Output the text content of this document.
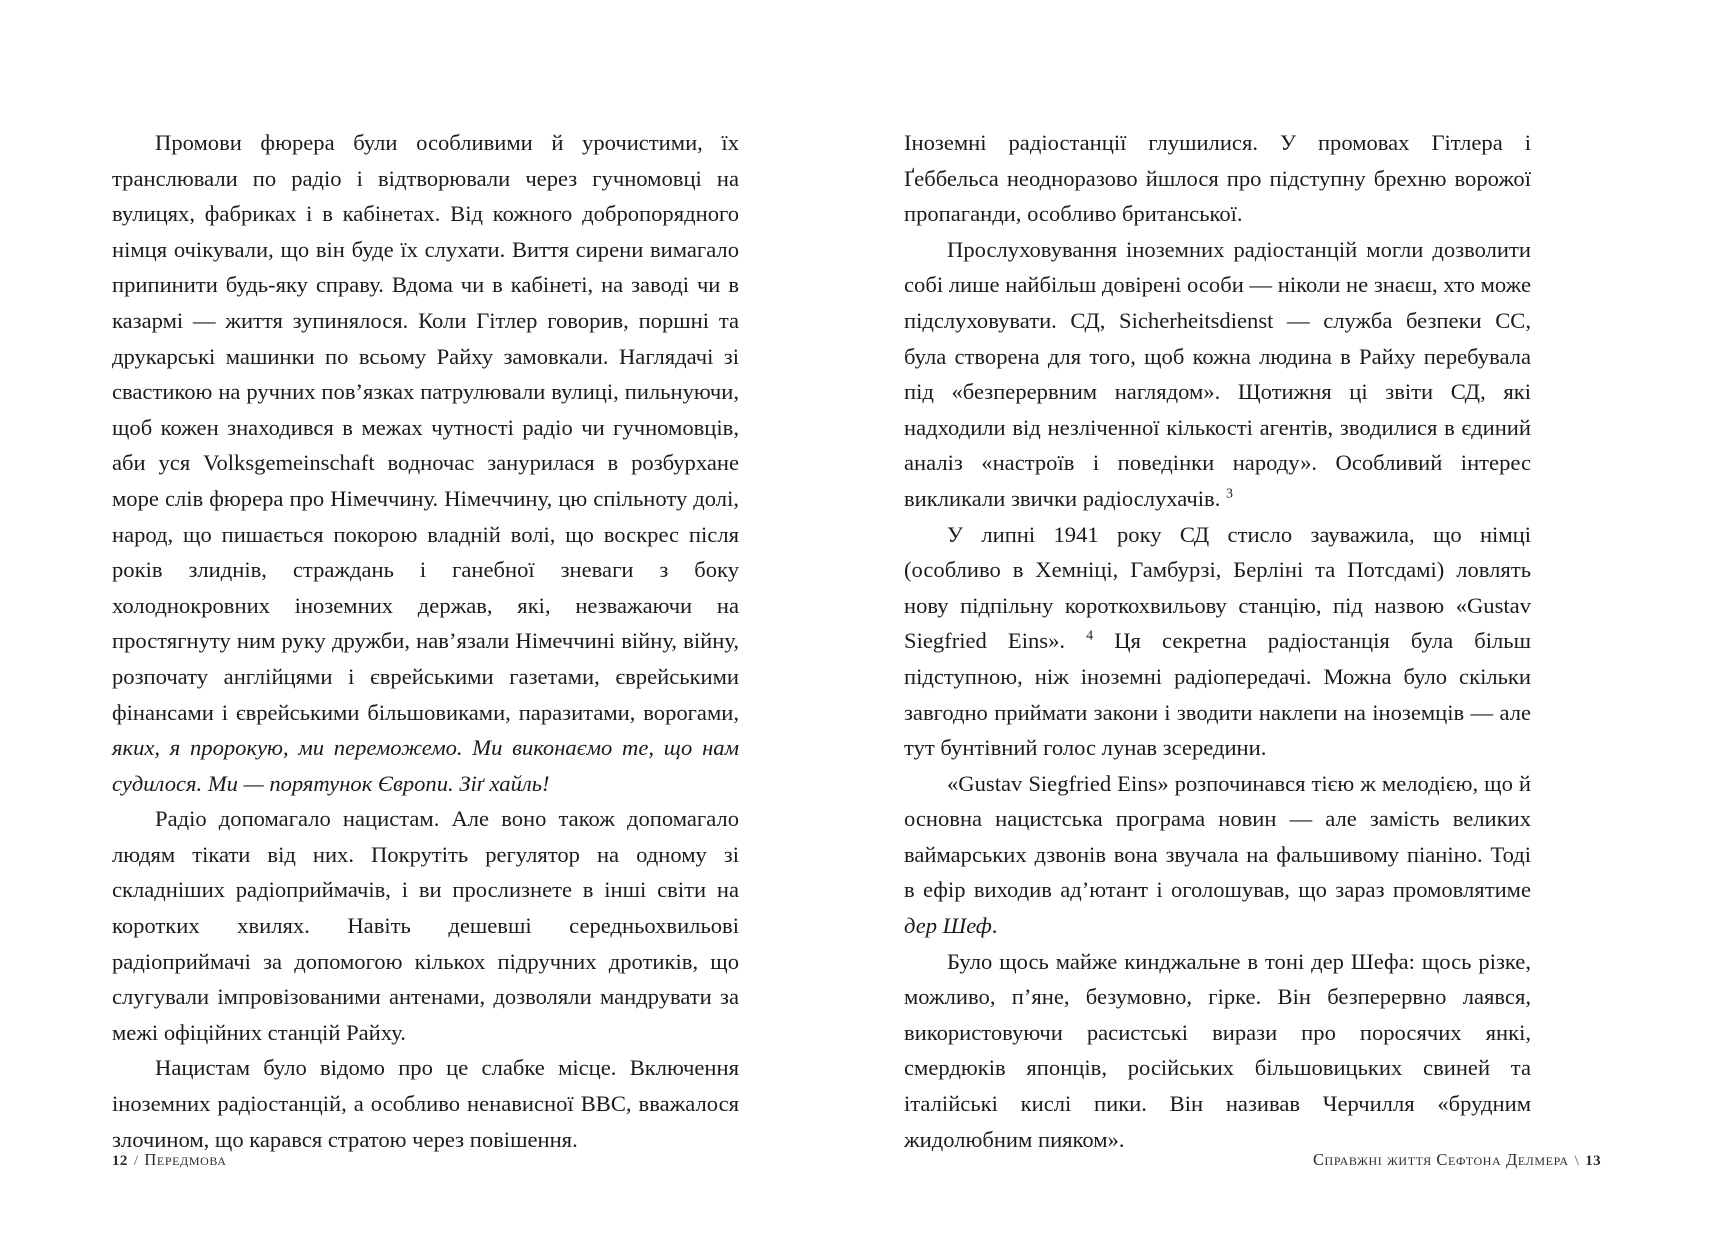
Промови фюрера були особливими й урочистими, їх транслювали по радіо і відтворювали через гучномовці на вулицях, фабриках і в кабінетах. Від кожного добропорядного німця очікували, що він буде їх слухати. Виття сирени вимагало припинити будь-яку справу. Вдома чи в кабінеті, на заводі чи в казармі — життя зупинялося. Коли Гітлер говорив, поршні та друкарські машинки по всьому Райху замовкали. Наглядачі зі свастикою на ручних пов’язках патрулювали вулиці, пильнуючи, щоб кожен знаходився в межах чутності радіо чи гучномовців, аби уся Volksgemeinschaft водночас занурилася в розбурхане море слів фюрера про Німеччину. Німеччину, цю спільноту долі, народ, що пишається покорою владній волі, що воскрес після років злиднів, страждань і ганебної зневаги з боку холоднокровних іноземних держав, які, незважаючи на простягнуту ним руку дружби, нав’язали Німеччині війну, війну, розпочату англійцями і єврейськими газетами, єврейськими фінансами і єврейськими більшовиками, паразитами, ворогами, яких, я пророкую, ми переможемо. Ми виконаємо те, що нам судилося. Ми — порятунок Європи. Зіґ хайль!

Радіо допомагало нацистам. Але воно також допомагало людям тікати від них. Покрутіть регулятор на одному зі складніших радіоприймачів, і ви прослизнете в інші світи на коротких хвилях. Навіть дешевші середньохвильові радіоприймачі за допомогою кількох підручних дротиків, що слугували імпровізованими антенами, дозволяли мандрувати за межі офіційних станцій Райху.

Нацистам було відомо про це слабке місце. Включення іноземних радіостанцій, а особливо ненависної BBC, вважалося злочином, що карався стратою через повішення.

12 / Передмова

Іноземні радіостанції глушилися. У промовах Гітлера і Ґеббельса неодноразово йшлося про підступну брехню ворожої пропаганди, особливо британської.

Прослуховування іноземних радіостанцій могли дозволити собі лише найбільш довірені особи — ніколи не знаєш, хто може підслуховувати. СД, Sicherheitsdienst — служба безпеки СС, була створена для того, щоб кожна людина в Райху перебувала під «безперервним наглядом». Щотижня ці звіти СД, які надходили від незліченної кількості агентів, зводилися в єдиний аналіз «настроїв і поведінки народу». Особливий інтерес викликали звички радіослухачів. $^3$

У липні 1941 року СД стисло зауважила, що німці (особливо в Хемніці, Гамбурзі, Берліні та Потсдамі) ловлять нову підпільну короткохвильову станцію, під назвою «Gustav Siegfried Eins». $^4$ Ця секретна радіостанція була більш підступною, ніж іноземні радіопередачі. Можна було скільки завгодно приймати закони і зводити наклепи на іноземців — але тут бунтівний голос лунав зсередини.

«Gustav Siegfried Eins» розпочинався тією ж мелодією, що й основна нацистська програма новин — але замість великих ваймарських дзвонів вона звучала на фальшивому піаніно. Тоді в ефір виходив ад’ютант і оголошував, що зараз промовлятиме дер Шеф.

Було щось майже кинджальне в тоні дер Шефа: щось різке, можливо, п’яне, безумовно, гірке. Він безперервно лаявся, використовуючи расистські вирази про поросячих янкі, смердюків японців, російських більшовицьких свиней та італійські кислі пики. Він називав Черчилля «брудним жидолюбним пияком».

Справжні життя Сефтона Делмера \ 13
